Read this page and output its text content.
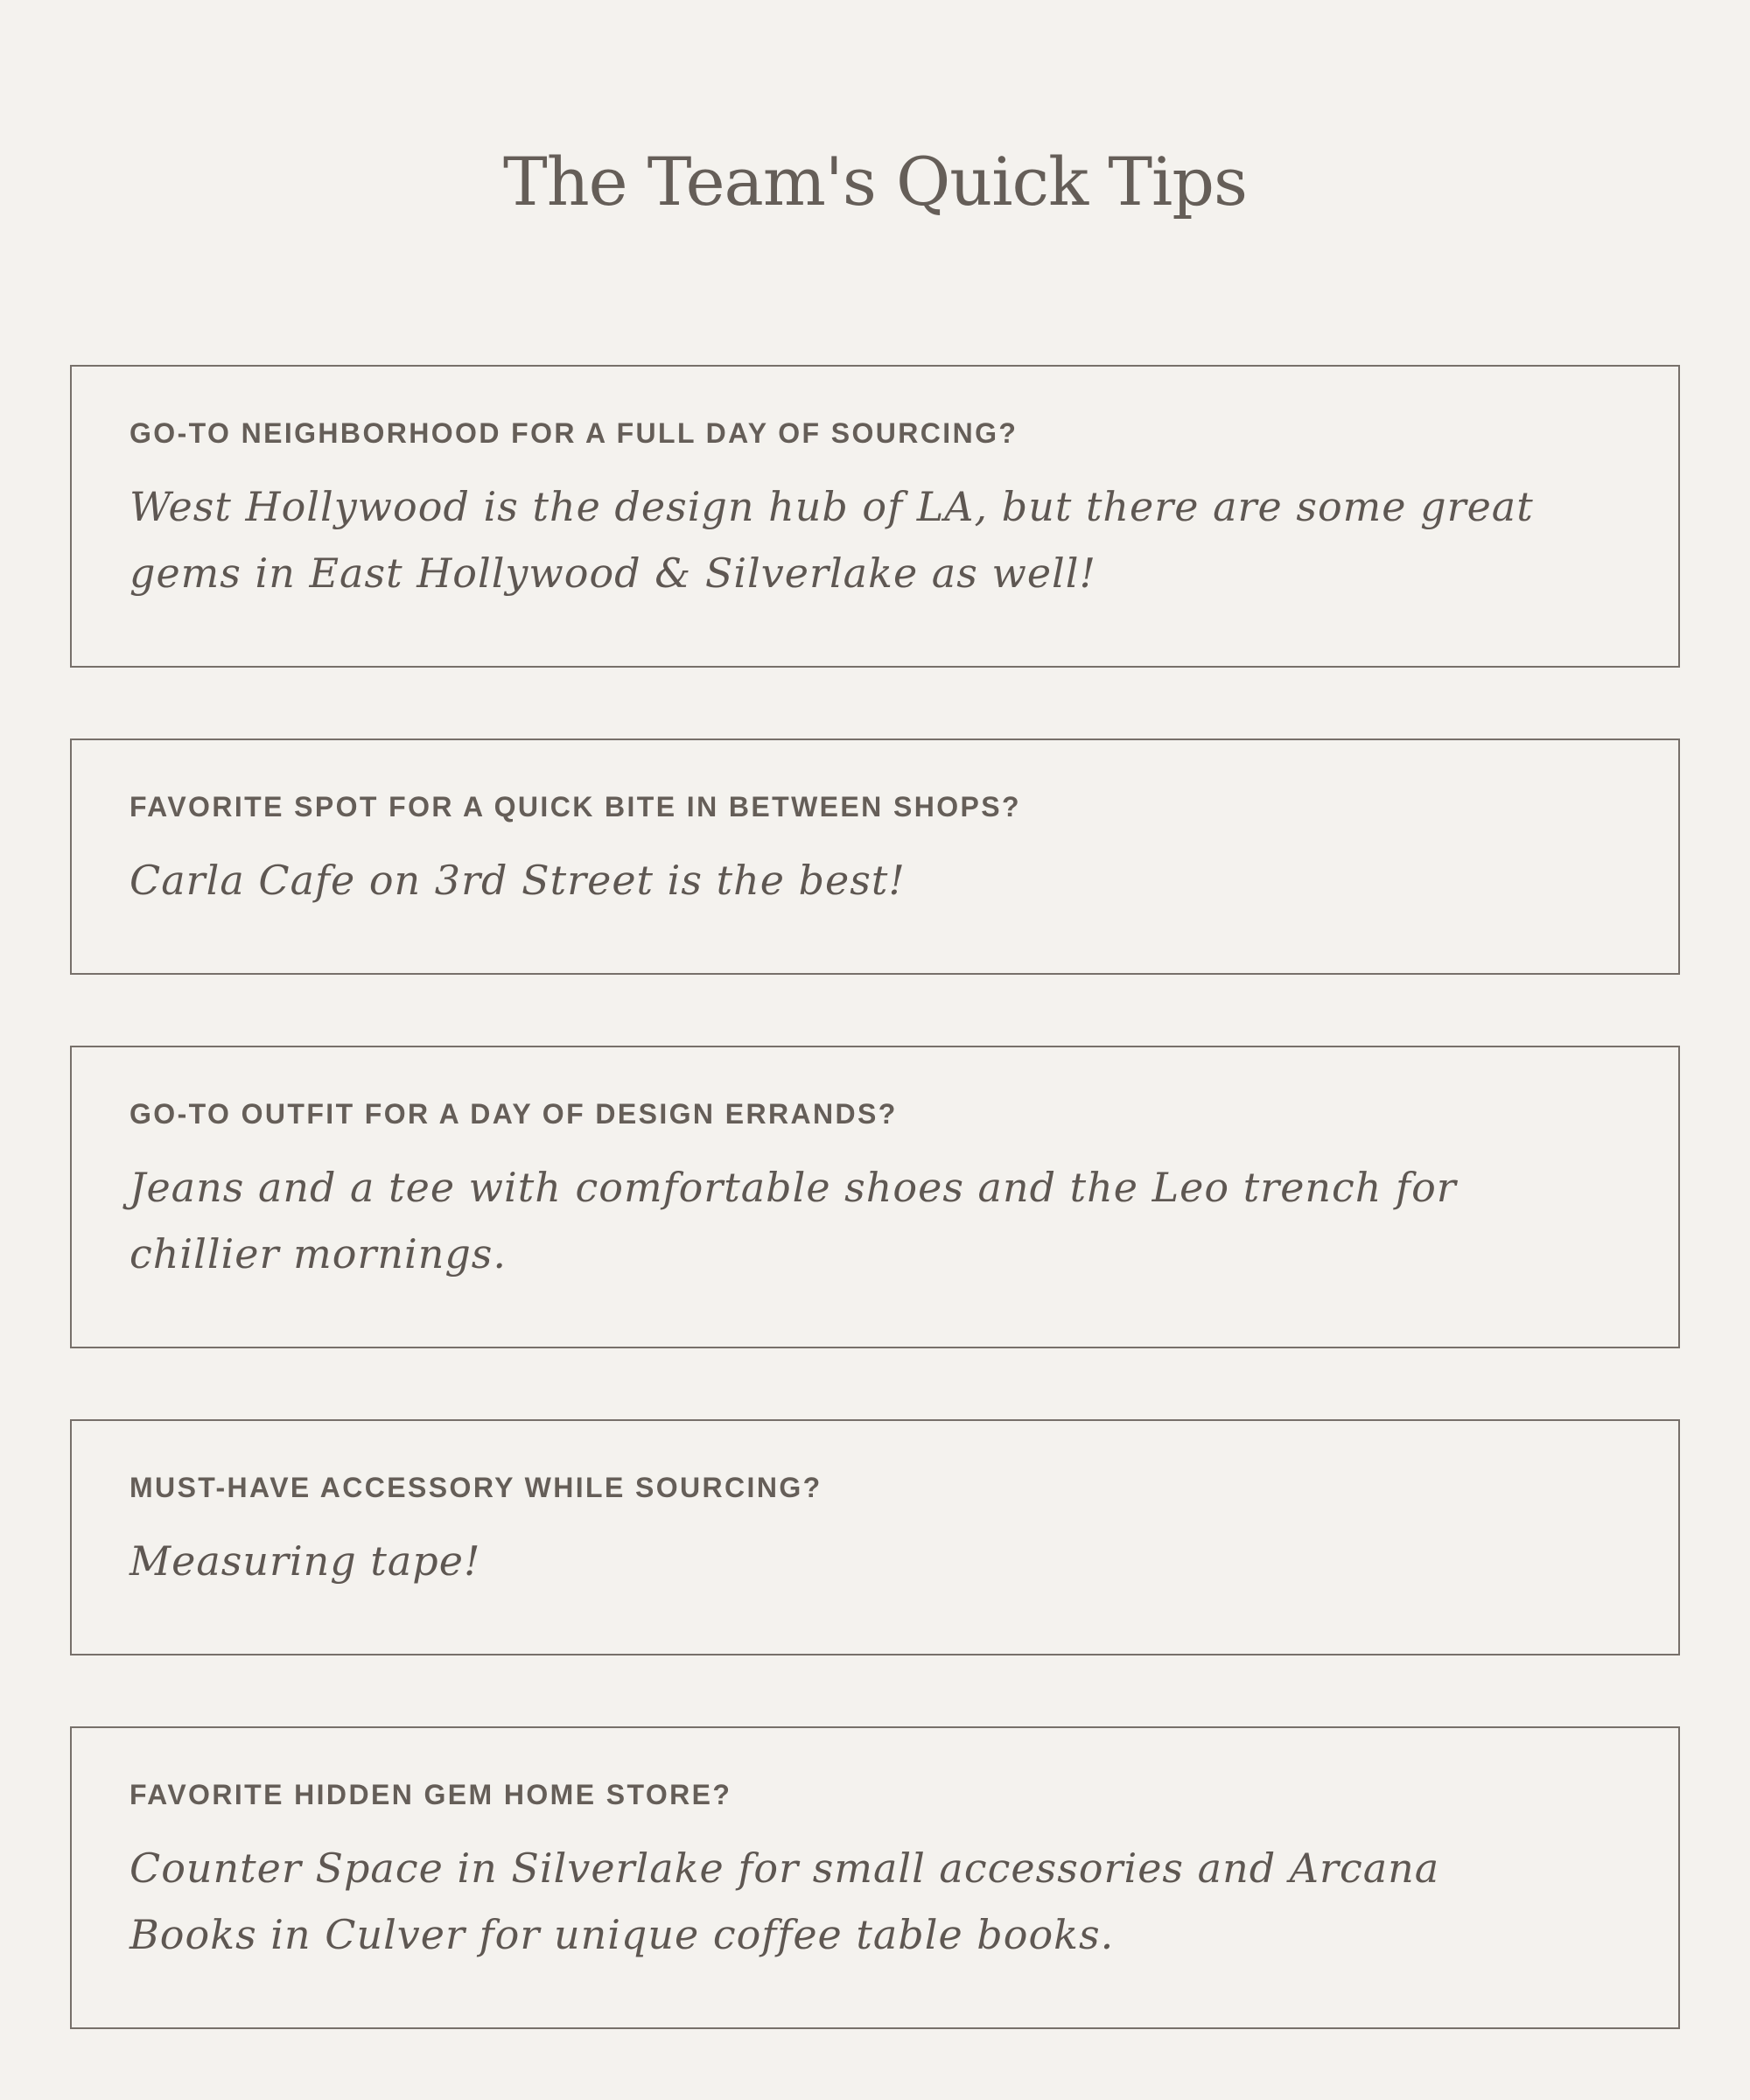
The Team's Quick Tips

GO-TO NEIGHBORHOOD FOR A FULL DAY OF SOURCING?

West Hollywood is the design hub of LA, but there are some great gems in East Hollywood & Silverlake as well!

FAVORITE SPOT FOR A QUICK BITE IN BETWEEN SHOPS?

Carla Cafe on 3rd Street is the best!

GO-TO OUTFIT FOR A DAY OF DESIGN ERRANDS?

Jeans and a tee with comfortable shoes and the Leo trench for chillier mornings.

MUST-HAVE ACCESSORY WHILE SOURCING?

Measuring tape!

FAVORITE HIDDEN GEM HOME STORE?

Counter Space in Silverlake for small accessories and Arcana Books in Culver for unique coffee table books.
